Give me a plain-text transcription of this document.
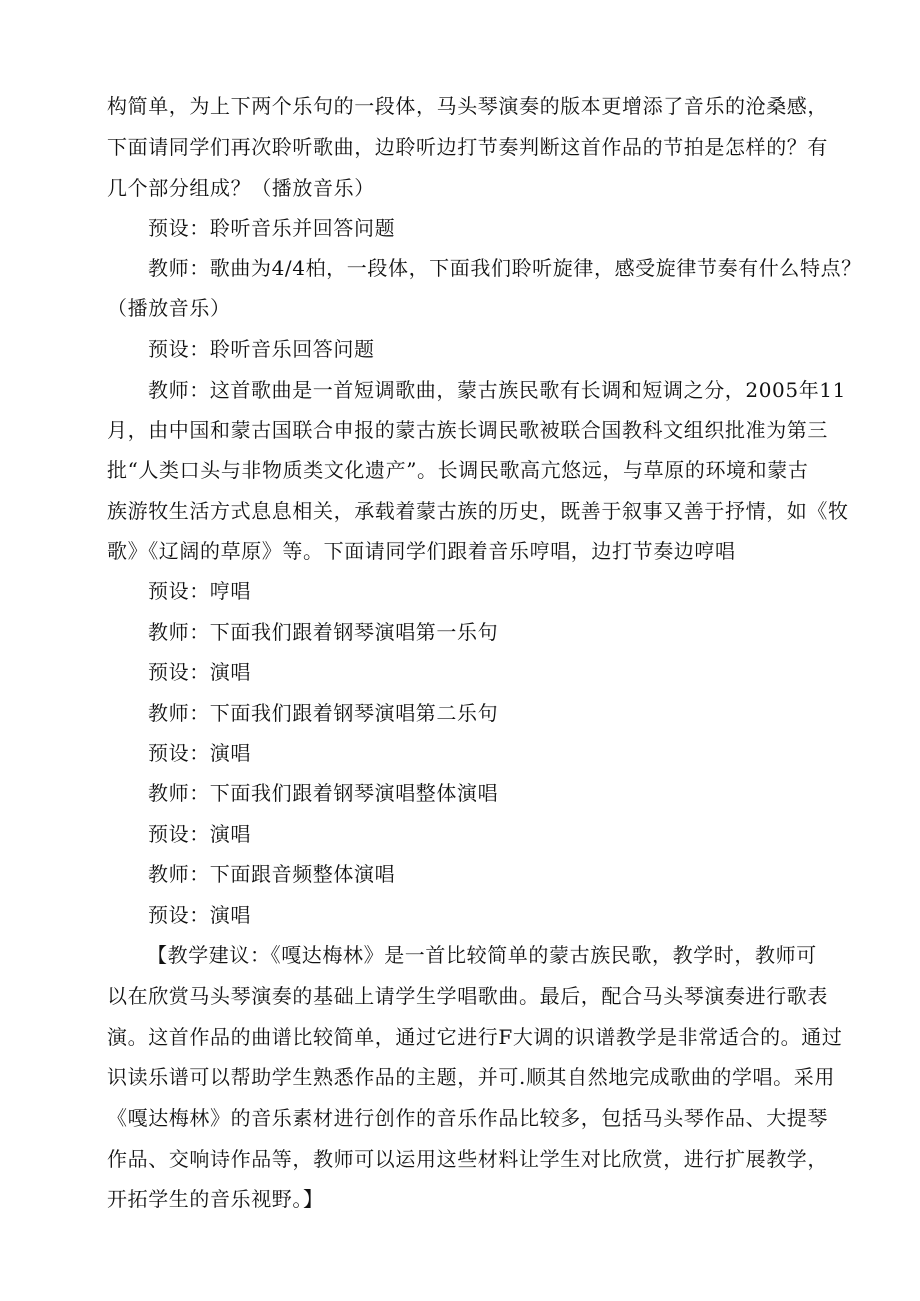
构简单，为上下两个乐句的一段体，马头琴演奏的版本更增添了音乐的沧桑感，
下面请同学们再次聆听歌曲，边聆听边打节奏判断这首作品的节拍是怎样的？有
几个部分组成？（播放音乐）
预设：聆听音乐并回答问题
教师：歌曲为4/4柏，一段体，下面我们聆听旋律，感受旋律节奏有什么特点？
（播放音乐）
预设：聆听音乐回答问题
教师：这首歌曲是一首短调歌曲，蒙古族民歌有长调和短调之分，2005年11
月，由中国和蒙古国联合申报的蒙古族长调民歌被联合国教科文组织批准为第三
批“人类口头与非物质类文化遗产”。长调民歌高亢悠远，与草原的环境和蒙古
族游牧生活方式息息相关，承载着蒙古族的历史，既善于叙事又善于抒情，如《牧
歌》《辽阔的草原》等。下面请同学们跟着音乐哼唱，边打节奏边哼唱
预设：哼唱
教师：下面我们跟着钢琴演唱第一乐句
预设：演唱
教师：下面我们跟着钢琴演唱第二乐句
预设：演唱
教师：下面我们跟着钢琴演唱整体演唱
预设：演唱
教师：下面跟音频整体演唱
预设：演唱
【教学建议：《嘎达梅林》是一首比较简单的蒙古族民歌，教学时，教师可
以在欣赏马头琴演奏的基础上请学生学唱歌曲。最后，配合马头琴演奏进行歌表
演。这首作品的曲谱比较简单，通过它进行F大调的识谱教学是非常适合的。通过
识读乐谱可以帮助学生熟悉作品的主题，并可.顺其自然地完成歌曲的学唱。采用
《嘎达梅林》的音乐素材进行创作的音乐作品比较多，包括马头琴作品、大提琴
作品、交响诗作品等，教师可以运用这些材料让学生对比欣赏，进行扩展教学，
开拓学生的音乐视野。】
